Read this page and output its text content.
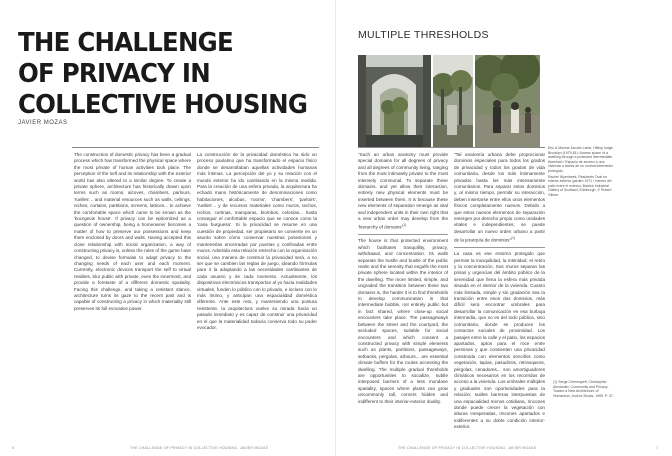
THE CHALLENGE
OF PRIVACY IN
COLLECTIVE HOUSING
JAVIER MOZAS

The construction of domestic privacy has been a gradual process which has transformed the physical space where the most private of human activities took place. The perception of the self and its relationship with the exterior world has also altered to a similar degree. To create a private sphere, architecture has historically drawn upon terms such as rooms, alcoves, chambers, parlours, 'ruelles'... and material resources such as walls, ceilings, niches, curtains, partitions, screens, lattices... to achieve the comfortable space which came to be known as the 'bourgeois house'. If privacy can be epitomized as a question of ownership, being a homeowner becomes a matter of how to preserve our possessions and keep them enclosed by doors and walls. Having accepted this close relationship with social organization, a way of constructing privacy is, unless the rules of the game have changed, to devise formulas to adapt privacy to the changing needs of each user and each moment. Currently, electronic devices transport the self to virtual realities, blur public with private, even the innermost, and provide a foretaste of a different domestic spatiality. Facing this challenge, and taking a resistant stance, architecture turns its gaze to the recent past and is capable of constructing a privacy in which materiality still preserves its full evocative power.

La construcción de la privacidad doméstica ha sido un proceso paulatino que ha transformado el espacio físico donde se desarrollaban aquellas actividades humanas más íntimas. La percepción del yo y su relación con el mundo exterior ha ido cambiando en la misma medida. Para la creación de una esfera privada, la arquitectura ha echado mano históricamente de denominaciones como habitaciones, alcobas, 'rooms', 'chambers', 'parloirs', 'ruelles'... y de recursos materiales como muros, techos, nichos, cortinas, mamparas, biombos, celosías... hasta conseguir el confortable espacio que se conoce como la 'casa burguesa'. Si la privacidad se resume en una cuestión de propiedad, ser propietario se convierte en un asunto sobre cómo conservar nuestras posesiones y mantenerlas encerradas por puertas y confinadas entre muros. Admitida esta relación estrecha con la organización social, una manera de construir la privacidad será, a no ser que se cambien las reglas de juego, ideando fórmulas para ir la adaptando a las necesidades cambiantes de cada usuario y de cada momento. Actualmente, los dispositivos electrónicos transportan al yo hacia realidades virtuales, funden lo público con lo privado, e incluso con lo más íntimo, y anticipan una espacialidad doméstica diferente. Ante este reto, y manteniendo una postura resistente, la arquitectura vuelve su mirada hacia un pasado inmediato y es capaz de construir una privacidad en el que la materialidad todavía conserva todo su poder evocador.

6	THE CHALLENGE OF PRIVACY IN COLLECTIVE HOUSING. JAVIER MOZAS
MULTIPLE THRESHOLDS

Eric & Maxine Jacobs Lamb, Hilltop lodge, Brooklyn (1979-81): Access space of a dwelling through a protected intermediate threshold / Espacio de acceso a una vivienda a través de un umbral intermedio protegido.

Rachel Wyenbeek, Residents Oval on interior-exterior garden 1971 / Interior del patio entre el exterior, Balvick Industrial Gallery of Scotland, Edinburgh, © Robert Gliese.

"Such an urban anatomy must provide special domains for all degrees of privacy and all degrees of community living, ranging from the most intimately private to the most intensely communal. To separate these domains, and yet allow their interaction, entirely new physical elements must be inserted between them. It is because these new elements of separation emerge as vital and independent units in their own right that a new urban order may develop from the 'hierarchy of $domains'^{(1)}$

The house is that protected environment which facilitates tranquillity, privacy, withdrawal, and concentration. Its walls separate the hustle and bustle of the public realm and the serenity that engulfs the most private sphere located within the interior of the dwelling. The more limited, simple, and ungraded the transition between these two domains is, the harder it is to find thresholds to develop communication in that intermediate bubble, not entirely public but in fact shared, where close-up social encounters take place. The passageways between the street and the courtyard, the secluded spaces, suitable for social encounters and which consent a constructed privacy with simple elements such as plants, partitions, passageways, setbacks, pergolas, arbours... are essential climate buffers for the routes accessing the dwelling. The multiple gradual thresholds are opportunities to socialize, subtle interposed barriers of a less mundane spatiality, spaces where plants can grow uncommonly tall, corners hidden and indifferent to their interior-exterior duality.

"Tal anatomía urbana debe proporcionar dominios especiales para todos los grados de privacidad y todos los grados de vida comunitaria, desde los más íntimamente privados hasta los más intensamente comunitarios. Para separar estos dominios y, al mismo tiempo, permitir su interacción, deben insertarse entre ellos unos elementos físicos completamente nuevos. Debido a que estos nuevos elementos de separación emergen por derecho propio como unidades vitales e independientes, se puede desarrollar un nuevo orden urbano a partir de la jerarquía de dominios"$^{(1)}$

La casa es ese entorno protegido que permite la tranquilidad, la intimidad, el retiro y la concentración. Sus muros separan las prisas y urgencias del ámbito público de la serenidad que llena la esfera más privada situada en el interior de la vivienda. Cuanto más limitada, simple y sin gradación sea la transición entre esos dos dominios, más difícil será encontrar umbrales para desarrollar la comunicación en esa burbuja intermedia, que no es del todo pública, sino comunitaria, donde se producen los contactos sociales de proximidad. Los pasajes entre la calle y el patio, los espacios apartados, aptos para el roce entre personas y que consienten una privacidad construida con elementos sencillos como vegetación, tapias, pasadizos, retranqueos, pérgolas, cenadores... son amortiguadores climáticos necesarios en los recorridos de acceso a la vivienda. Los umbrales múltiples y graduales son oportunidades para la relación; sutiles barreras interpuestas de una espacialidad menos cotidiana, rincones donde puede crecer la vegetación con alturas inesperadas, rincones apartados e indiferentes a su doble condición interior-exterior.

(1) Serge Chermayeff, Christopher Alexander, Community and Privacy: Toward a New Architecture of Humanism, Anchor Books, 1965. P. 37.

THE CHALLENGE OF PRIVACY IN COLLECTIVE HOUSING. JAVIER MOZAS	7
